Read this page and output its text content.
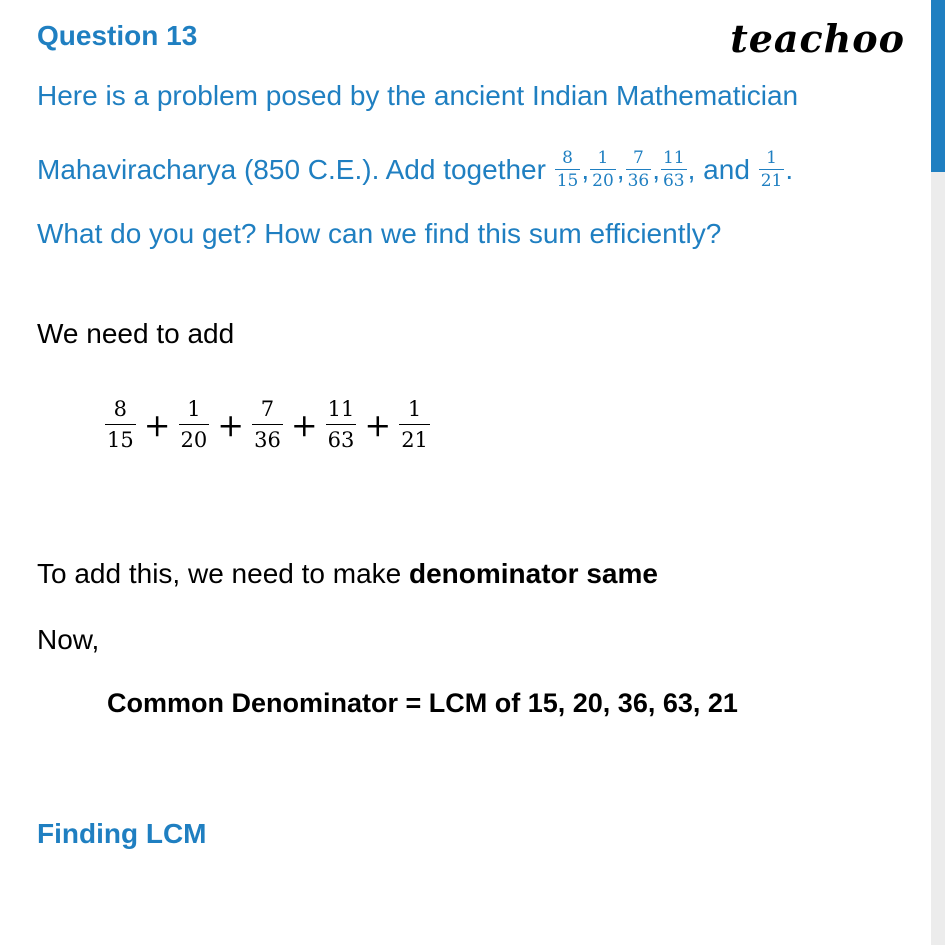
Question 13	teachoo
Here is a problem posed by the ancient Indian Mathematician
Mahaviracharya (850 C.E.). Add together
$\frac{8}{15}$ , $\frac{1}{20}$ , $\frac{7}{36}$ , $\frac{11}{63}$ , and
$\frac{1}{21}$ .
What do you get? How can we find this sum efficiently?
We need to add
$\frac{8}{15} + \frac{1}{20} + \frac{7}{36} + \frac{11}{63} + \frac{1}{21}$
To add this, we need to make denominator same
Now,
Common Denominator = LCM of 15, 20, 36, 63, 21
Finding LCM
